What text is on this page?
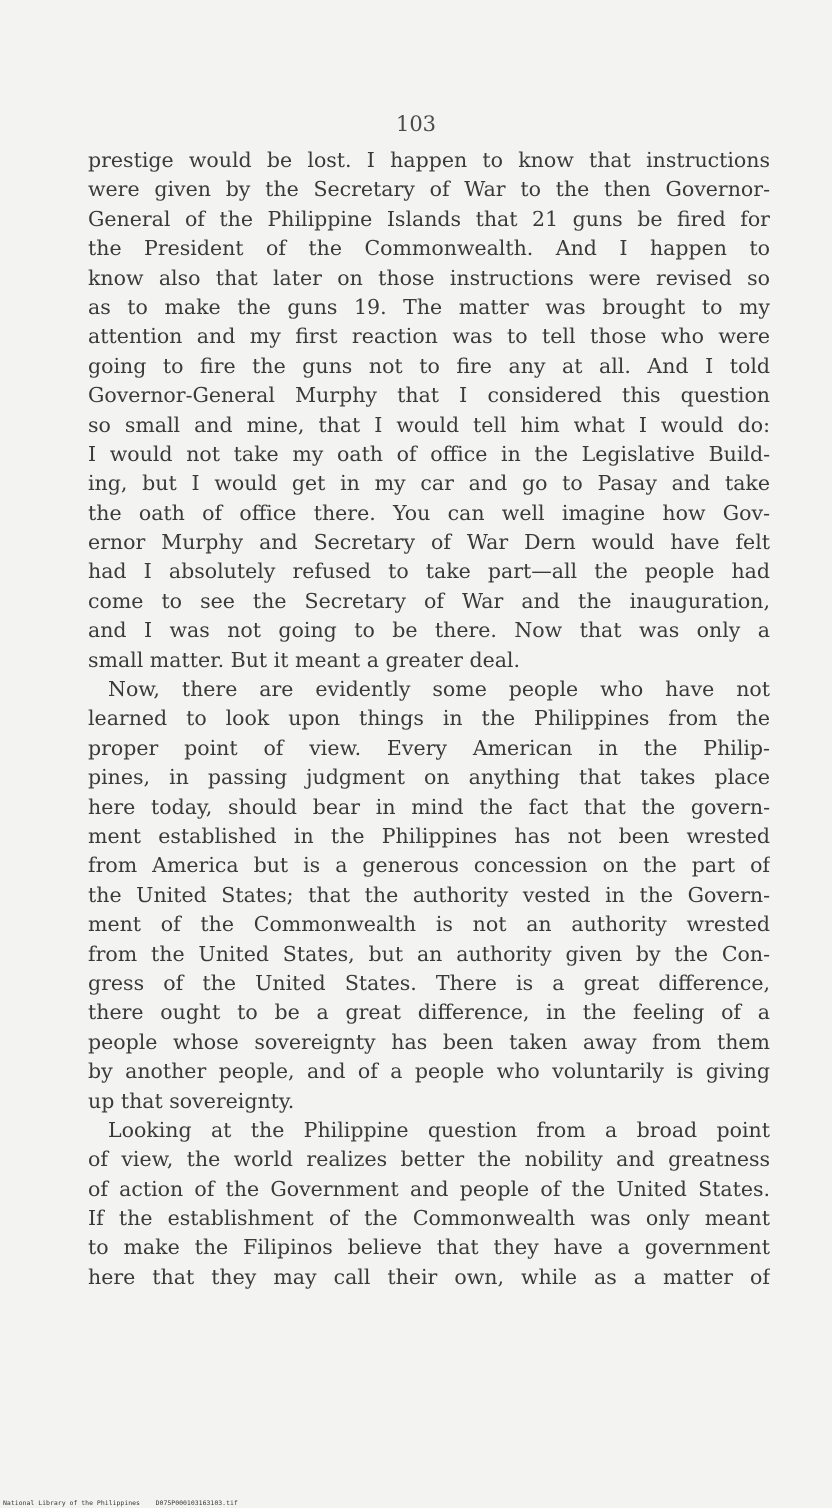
103
prestige would be lost. I happen to know that instructions
were given by the Secretary of War to the then Governor-
General of the Philippine Islands that 21 guns be fired for
the President of the Commonwealth. And I happen to
know also that later on those instructions were revised so
as to make the guns 19. The matter was brought to my
attention and my first reaction was to tell those who were
going to fire the guns not to fire any at all. And I told
Governor-General Murphy that I considered this question
so small and mine, that I would tell him what I would do:
I would not take my oath of office in the Legislative Build-
ing, but I would get in my car and go to Pasay and take
the oath of office there. You can well imagine how Gov-
ernor Murphy and Secretary of War Dern would have felt
had I absolutely refused to take part—all the people had
come to see the Secretary of War and the inauguration,
and I was not going to be there. Now that was only a
small matter. But it meant a greater deal.
Now, there are evidently some people who have not
learned to look upon things in the Philippines from the
proper point of view. Every American in the Philip-
pines, in passing judgment on anything that takes place
here today, should bear in mind the fact that the govern-
ment established in the Philippines has not been wrested
from America but is a generous concession on the part of
the United States; that the authority vested in the Govern-
ment of the Commonwealth is not an authority wrested
from the United States, but an authority given by the Con-
gress of the United States. There is a great difference,
there ought to be a great difference, in the feeling of a
people whose sovereignty has been taken away from them
by another people, and of a people who voluntarily is giving
up that sovereignty.
Looking at the Philippine question from a broad point
of view, the world realizes better the nobility and greatness
of action of the Government and people of the United States.
If the establishment of the Commonwealth was only meant
to make the Filipinos believe that they have a government
here that they may call their own, while as a matter of
National Library of the Philippines D075P000103163103.tif
